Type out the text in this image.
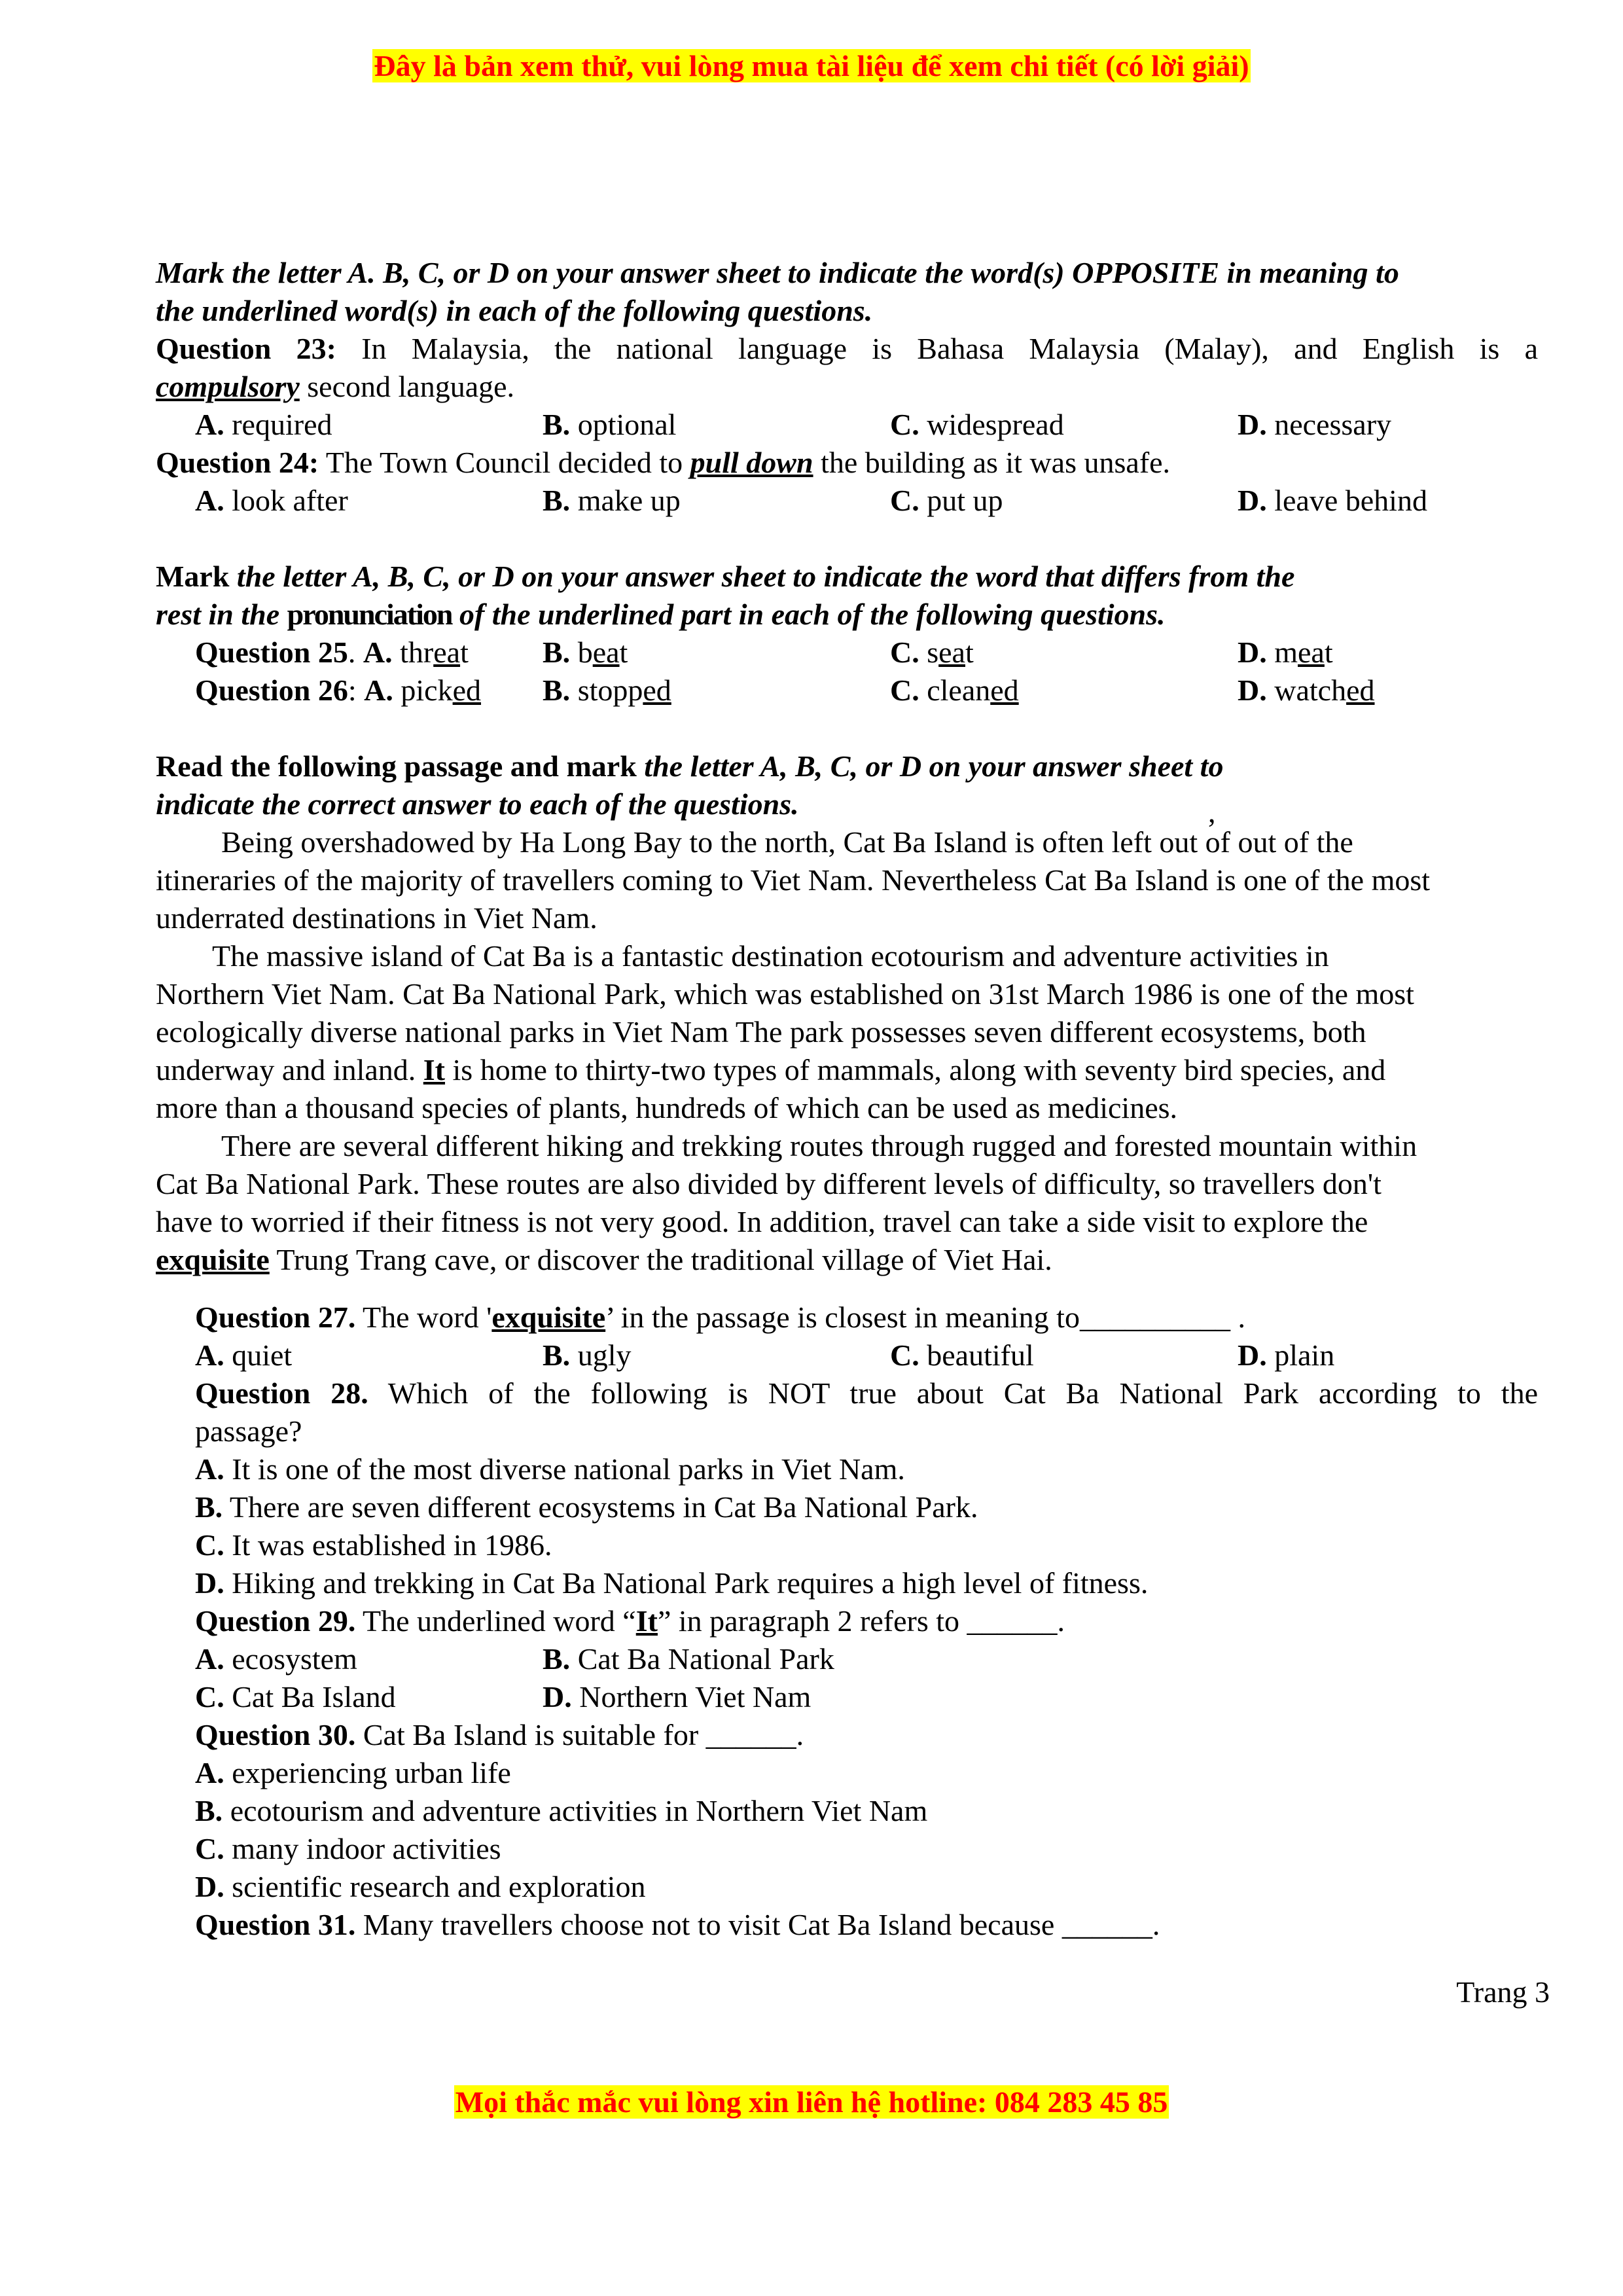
Đây là bản xem thử, vui lòng mua tài liệu để xem chi tiết (có lời giải)
Mark the letter A. B, C, or D on your answer sheet to indicate the word(s) OPPOSITE in meaning to
the underlined word(s) in each of the following questions.
Question 23: In Malaysia, the national language is Bahasa Malaysia (Malay), and English is a
compulsory second language.
A. required	B. optional	C. widespread	D. necessary
Question 24: The Town Council decided to pull down the building as it was unsafe.
A. look after	B. make up	C. put up	D. leave behind
Mark the letter A, B, C, or D on your answer sheet to indicate the word that differs from the
rest in the pronunciation of the underlined part in each of the following questions.
Question 25. A. threat	B. beat	C. seat	D. meat
Question 26: A. picked	B. stopped	C. cleaned	D. watched
Read the following passage and mark the letter A, B, C, or D on your answer sheet to
indicate the correct answer to each of the questions.
Being overshadowed by Ha Long Bay to the north, Cat Ba Island is often left out of out of the
itineraries of the majority of travellers coming to Viet Nam. Nevertheless Cat Ba Island is one of the most
underrated destinations in Viet Nam.
The massive island of Cat Ba is a fantastic destination ecotourism and adventure activities in
Northern Viet Nam. Cat Ba National Park, which was established on 31st March 1986 is one of the most
ecologically diverse national parks in Viet Nam The park possesses seven different ecosystems, both
underway and inland. It is home to thirty-two types of mammals, along with seventy bird species, and
more than a thousand species of plants, hundreds of which can be used as medicines.
There are several different hiking and trekking routes through rugged and forested mountain within
Cat Ba National Park. These routes are also divided by different levels of difficulty, so travellers don't
have to worried if their fitness is not very good. In addition, travel can take a side visit to explore the
exquisite Trung Trang cave, or discover the traditional village of Viet Hai.
Question 27. The word 'exquisite’ in the passage is closest in meaning to__________ .
A. quiet	B. ugly	C. beautiful	D. plain
Question 28. Which of the following is NOT true about Cat Ba National Park according to the
passage?
A. It is one of the most diverse national parks in Viet Nam.
B. There are seven different ecosystems in Cat Ba National Park.
C. It was established in 1986.
D. Hiking and trekking in Cat Ba National Park requires a high level of fitness.
Question 29. The underlined word “It” in paragraph 2 refers to ______.
A. ecosystem	B. Cat Ba National Park
C. Cat Ba Island	D. Northern Viet Nam
Question 30. Cat Ba Island is suitable for ______.
A. experiencing urban life
B. ecotourism and adventure activities in Northern Viet Nam
C. many indoor activities
D. scientific research and exploration
Question 31. Many travellers choose not to visit Cat Ba Island because ______.
,
Trang 3
Mọi thắc mắc vui lòng xin liên hệ hotline: 084 283 45 85
